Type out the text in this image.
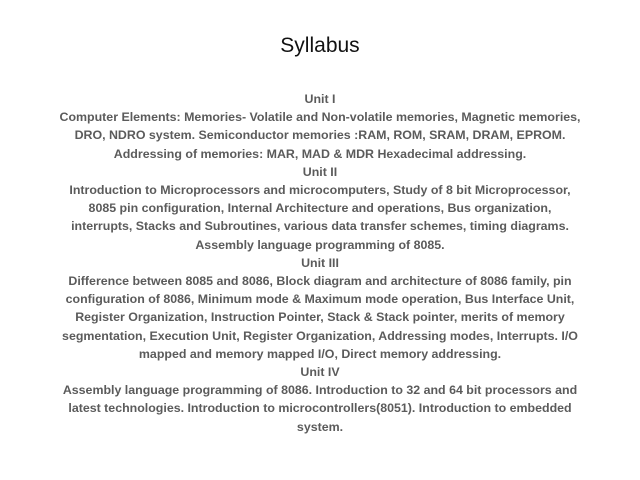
Syllabus
Unit I
Computer Elements: Memories- Volatile and Non-volatile memories, Magnetic memories, DRO, NDRO system. Semiconductor memories :RAM, ROM, SRAM, DRAM, EPROM. Addressing of memories: MAR, MAD & MDR Hexadecimal addressing.
Unit II
Introduction to Microprocessors and microcomputers, Study of 8 bit Microprocessor, 8085 pin configuration, Internal Architecture and operations, Bus organization, interrupts, Stacks and Subroutines, various data transfer schemes, timing diagrams. Assembly language programming of 8085.
Unit III
Difference between 8085 and 8086, Block diagram and architecture of 8086 family, pin configuration of 8086, Minimum mode & Maximum mode operation, Bus Interface Unit, Register Organization, Instruction Pointer, Stack & Stack pointer, merits of memory segmentation, Execution Unit, Register Organization, Addressing modes, Interrupts. I/O mapped and memory mapped I/O, Direct memory addressing.
Unit IV
Assembly language programming of 8086. Introduction to 32 and 64 bit processors and latest technologies. Introduction to microcontrollers(8051). Introduction to embedded system.
